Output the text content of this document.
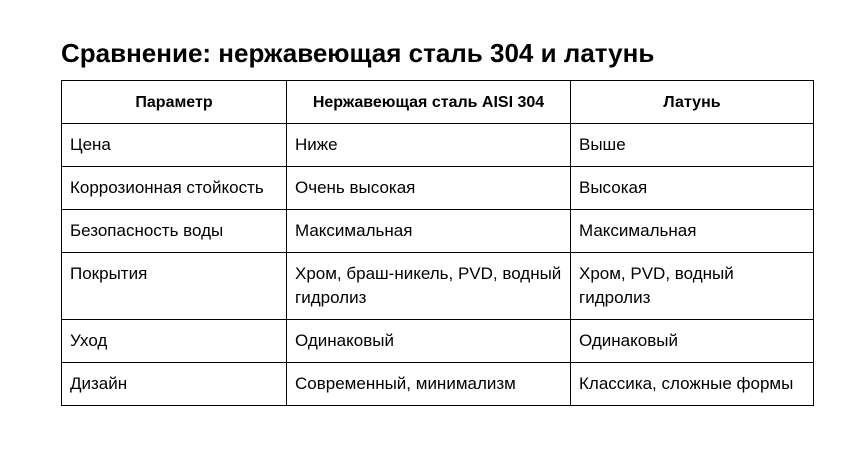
Сравнение: нержавеющая сталь 304 и латунь
Параметр	Нержавеющая сталь AISI 304	Латунь
Цена	Ниже	Выше
Коррозионная стойкость	Очень высокая	Высокая
Безопасность воды	Максимальная	Максимальная
Покрытия	Хром, браш-никель, PVD, водный гидролиз	Хром, PVD, водный гидролиз
Уход	Одинаковый	Одинаковый
Дизайн	Современный, минимализм	Классика, сложные формы
